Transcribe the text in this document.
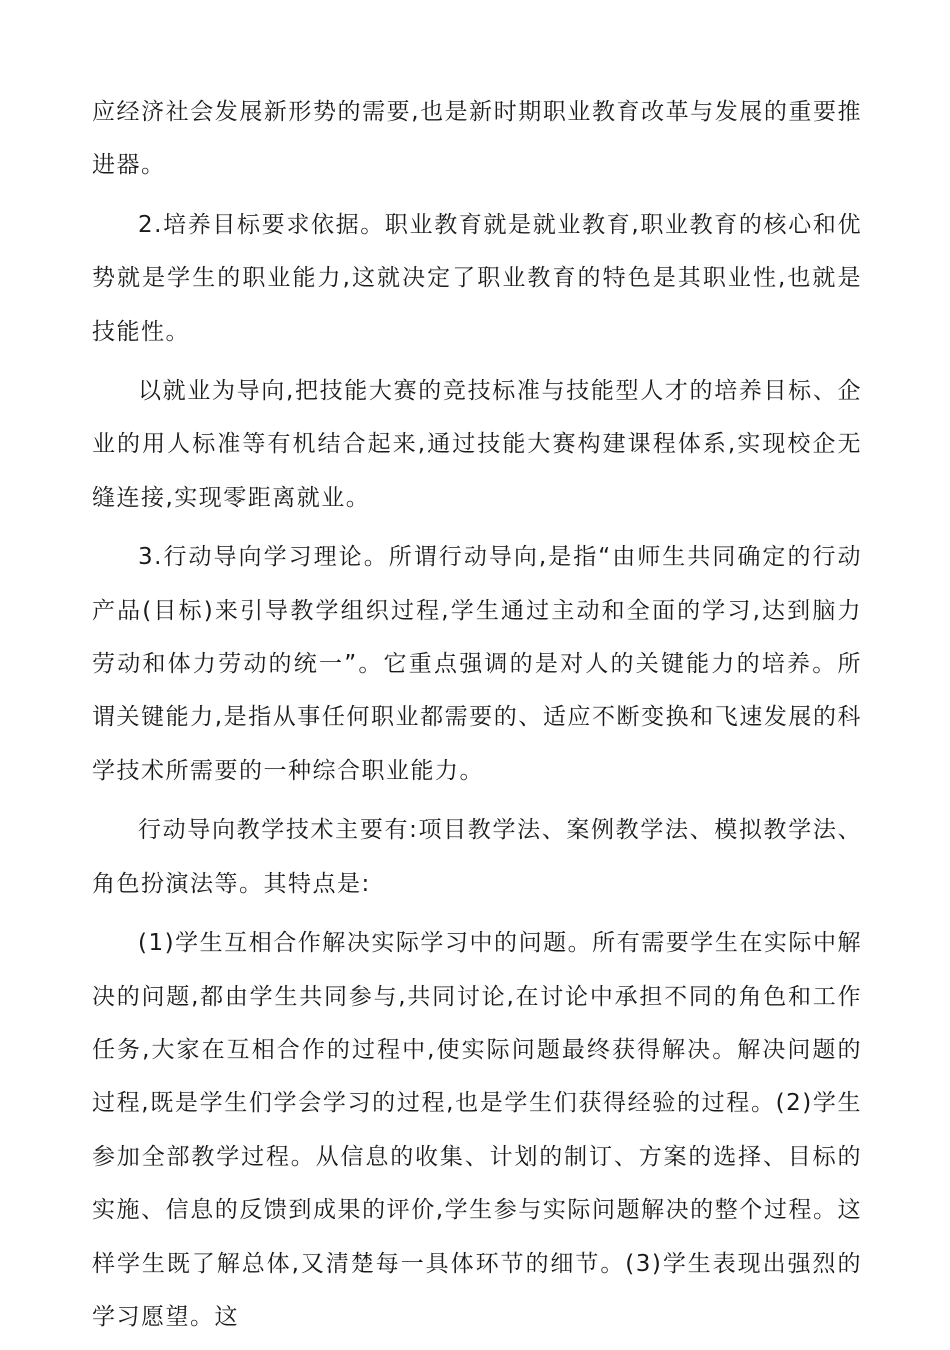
应经济社会发展新形势的需要,也是新时期职业教育改革与发展的重要推进器。

2.培养目标要求依据。职业教育就是就业教育,职业教育的核心和优势就是学生的职业能力,这就决定了职业教育的特色是其职业性,也就是技能性。

以就业为导向,把技能大赛的竞技标准与技能型人才的培养目标、企业的用人标准等有机结合起来,通过技能大赛构建课程体系,实现校企无缝连接,实现零距离就业。

3.行动导向学习理论。所谓行动导向,是指“由师生共同确定的行动产品(目标)来引导教学组织过程,学生通过主动和全面的学习,达到脑力劳动和体力劳动的统一”。它重点强调的是对人的关键能力的培养。所谓关键能力,是指从事任何职业都需要的、适应不断变换和飞速发展的科学技术所需要的一种综合职业能力。

行动导向教学技术主要有:项目教学法、案例教学法、模拟教学法、角色扮演法等。其特点是:

(1)学生互相合作解决实际学习中的问题。所有需要学生在实际中解决的问题,都由学生共同参与,共同讨论,在讨论中承担不同的角色和工作任务,大家在互相合作的过程中,使实际问题最终获得解决。解决问题的过程,既是学生们学会学习的过程,也是学生们获得经验的过程。(2)学生参加全部教学过程。从信息的收集、计划的制订、方案的选择、目标的实施、信息的反馈到成果的评价,学生参与实际问题解决的整个过程。这样学生既了解总体,又清楚每一具体环节的细节。(3)学生表现出强烈的学习愿望。这
